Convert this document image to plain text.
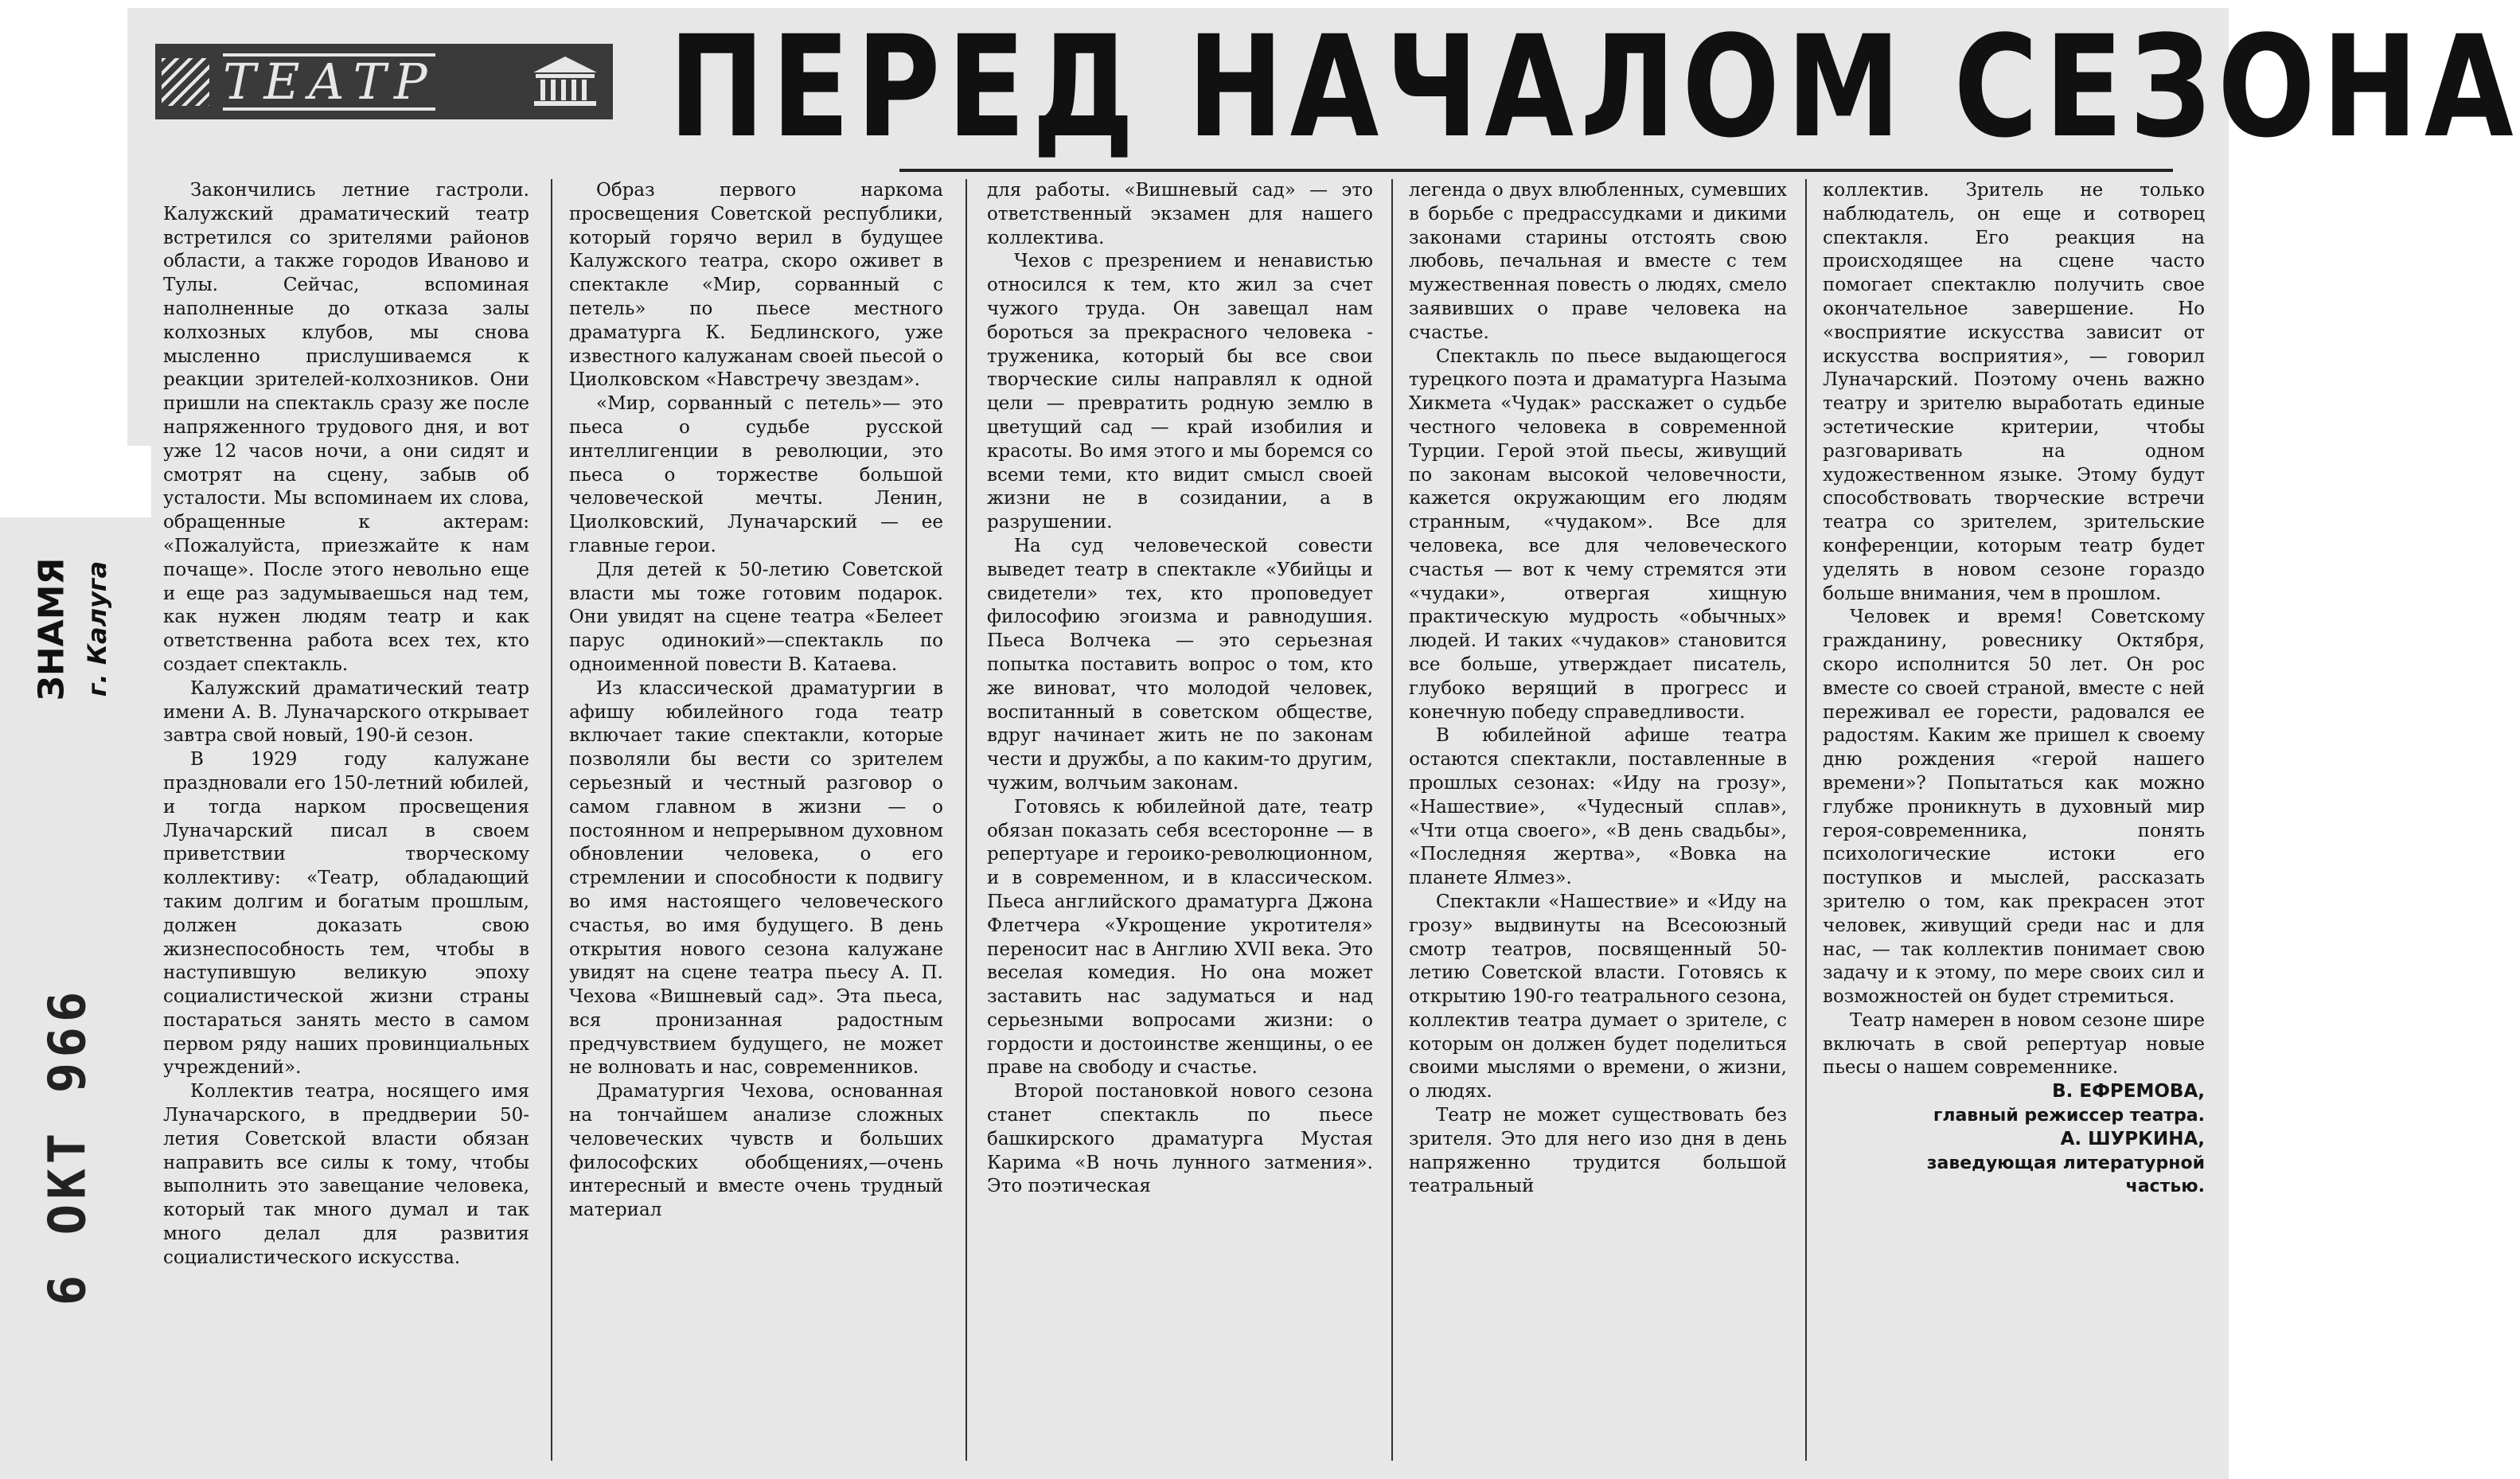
ТЕАТР ПЕРЕД НАЧАЛОМ СЕЗОНА
ЗНАМЯ г. Калуга
6 ОКТ 966

Закончились летние гастроли. Калужский драматический театр встретился со зрителями районов области, а также городов Иваново и Тулы. Сейчас, вспоминая наполненные до отказа залы колхозных клубов, мы снова мысленно прислушиваемся к реакции зрителей-колхозников. Они пришли на спектакль сразу же после напряженного трудового дня, и вот уже 12 часов ночи, а они сидят и смотрят на сцену, забыв об усталости. Мы вспоминаем их слова, обращенные к актерам: «Пожалуйста, приезжайте к нам почаще». После этого невольно еще и еще раз задумываешься над тем, как нужен людям театр и как ответственна работа всех тех, кто создает спектакль.

Калужский драматический театр имени А. В. Луначарского открывает завтра свой новый, 190-й сезон.

В 1929 году калужане праздновали его 150-летний юбилей, и тогда нарком просвещения Луначарский писал в своем приветствии творческому коллективу: «Театр, обладающий таким долгим и богатым прошлым, должен доказать свою жизнеспособность тем, чтобы в наступившую великую эпоху социалистической жизни страны постараться занять место в самом первом ряду наших провинциальных учреждений».

Коллектив театра, носящего имя Луначарского, в преддверии 50-летия Советской власти обязан направить все силы к тому, чтобы выполнить это завещание человека, который так много думал и так много делал для развития социалистического искусства.

Образ первого наркома просвещения Советской республики, который горячо верил в будущее Калужского театра, скоро оживет в спектакле «Мир, сорванный с петель» по пьесе местного драматурга К. Бедлинского, уже известного калужанам своей пьесой о Циолковском «Навстречу звездам».

«Мир, сорванный с петель»— это пьеса о судьбе русской интеллигенции в революции, это пьеса о торжестве большой человеческой мечты. Ленин, Циолковский, Луначарский — ее главные герои.

Для детей к 50-летию Советской власти мы тоже готовим подарок. Они увидят на сцене театра «Белеет парус одинокий»—спектакль по одноименной повести В. Катаева.

Из классической драматургии в афишу юбилейного года театр включает такие спектакли, которые позволяли бы вести со зрителем серьезный и честный разговор о самом главном в жизни — о постоянном и непрерывном духовном обновлении человека, о его стремлении и способности к подвигу во имя настоящего человеческого счастья, во имя будущего. В день открытия нового сезона калужане увидят на сцене театра пьесу А. П. Чехова «Вишневый сад». Эта пьеса, вся пронизанная радостным предчувствием будущего, не может не волновать и нас, современников.

Драматургия Чехова, основанная на тончайшем анализе сложных человеческих чувств и больших философских обобщениях,—очень интересный и вместе очень трудный материал

для работы. «Вишневый сад» — это ответственный экзамен для нашего коллектива.

Чехов с презрением и ненавистью относился к тем, кто жил за счет чужого труда. Он завещал нам бороться за прекрасного человека - труженика, который бы все свои творческие силы направлял к одной цели — превратить родную землю в цветущий сад — край изобилия и красоты. Во имя этого и мы боремся со всеми теми, кто видит смысл своей жизни не в созидании, а в разрушении.

На суд человеческой совести выведет театр в спектакле «Убийцы и свидетели» тех, кто проповедует философию эгоизма и равнодушия. Пьеса Волчека — это серьезная попытка поставить вопрос о том, кто же виноват, что молодой человек, воспитанный в советском обществе, вдруг начинает жить не по законам чести и дружбы, а по каким-то другим, чужим, волчьим законам.

Готовясь к юбилейной дате, театр обязан показать себя всесторонне — в репертуаре и героико-революционном, и в современном, и в классическом. Пьеса английского драматурга Джона Флетчера «Укрощение укротителя» переносит нас в Англию XVII века. Это веселая комедия. Но она может заставить нас задуматься и над серьезными вопросами жизни: о гордости и достоинстве женщины, о ее праве на свободу и счастье.

Второй постановкой нового сезона станет спектакль по пьесе башкирского драматурга Мустая Карима «В ночь лунного затмения». Это поэтическая

легенда о двух влюбленных, сумевших в борьбе с предрассудками и дикими законами старины отстоять свою любовь, печальная и вместе с тем мужественная повесть о людях, смело заявивших о праве человека на счастье.

Спектакль по пьесе выдающегося турецкого поэта и драматурга Назыма Хикмета «Чудак» расскажет о судьбе честного человека в современной Турции. Герой этой пьесы, живущий по законам высокой человечности, кажется окружающим его людям странным, «чудаком». Все для человека, все для человеческого счастья — вот к чему стремятся эти «чудаки», отвергая хищную практическую мудрость «обычных» людей. И таких «чудаков» становится все больше, утверждает писатель, глубоко верящий в прогресс и конечную победу справедливости.

В юбилейной афише театра остаются спектакли, поставленные в прошлых сезонах: «Иду на грозу», «Нашествие», «Чудесный сплав», «Чти отца своего», «В день свадьбы», «Последняя жертва», «Вовка на планете Ялмез».

Спектакли «Нашествие» и «Иду на грозу» выдвинуты на Всесоюзный смотр театров, посвященный 50-летию Советской власти. Готовясь к открытию 190-го театрального сезона, коллектив театра думает о зрителе, с которым он должен будет поделиться своими мыслями о времени, о жизни, о людях.

Театр не может существовать без зрителя. Это для него изо дня в день напряженно трудится большой театральный

коллектив. Зритель не только наблюдатель, он еще и сотворец спектакля. Его реакция на происходящее на сцене часто помогает спектаклю получить свое окончательное завершение. Но «восприятие искусства зависит от искусства восприятия», — говорил Луначарский. Поэтому очень важно театру и зрителю выработать единые эстетические критерии, чтобы разговаривать на одном художественном языке. Этому будут способствовать творческие встречи театра со зрителем, зрительские конференции, которым театр будет уделять в новом сезоне гораздо больше внимания, чем в прошлом.

Человек и время! Советскому гражданину, ровеснику Октября, скоро исполнится 50 лет. Он рос вместе со своей страной, вместе с ней переживал ее горести, радовался ее радостям. Каким же пришел к своему дню рождения «герой нашего времени»? Попытаться как можно глубже проникнуть в духовный мир героя-современника, понять психологические истоки его поступков и мыслей, рассказать зрителю о том, как прекрасен этот человек, живущий среди нас и для нас, — так коллектив понимает свою задачу и к этому, по мере своих сил и возможностей он будет стремиться.

Театр намерен в новом сезоне шире включать в свой репертуар новые пьесы о нашем современнике.

В. ЕФРЕМОВА,

главный режиссер театра.

А. ШУРКИНА,

заведующая литературной частью.
